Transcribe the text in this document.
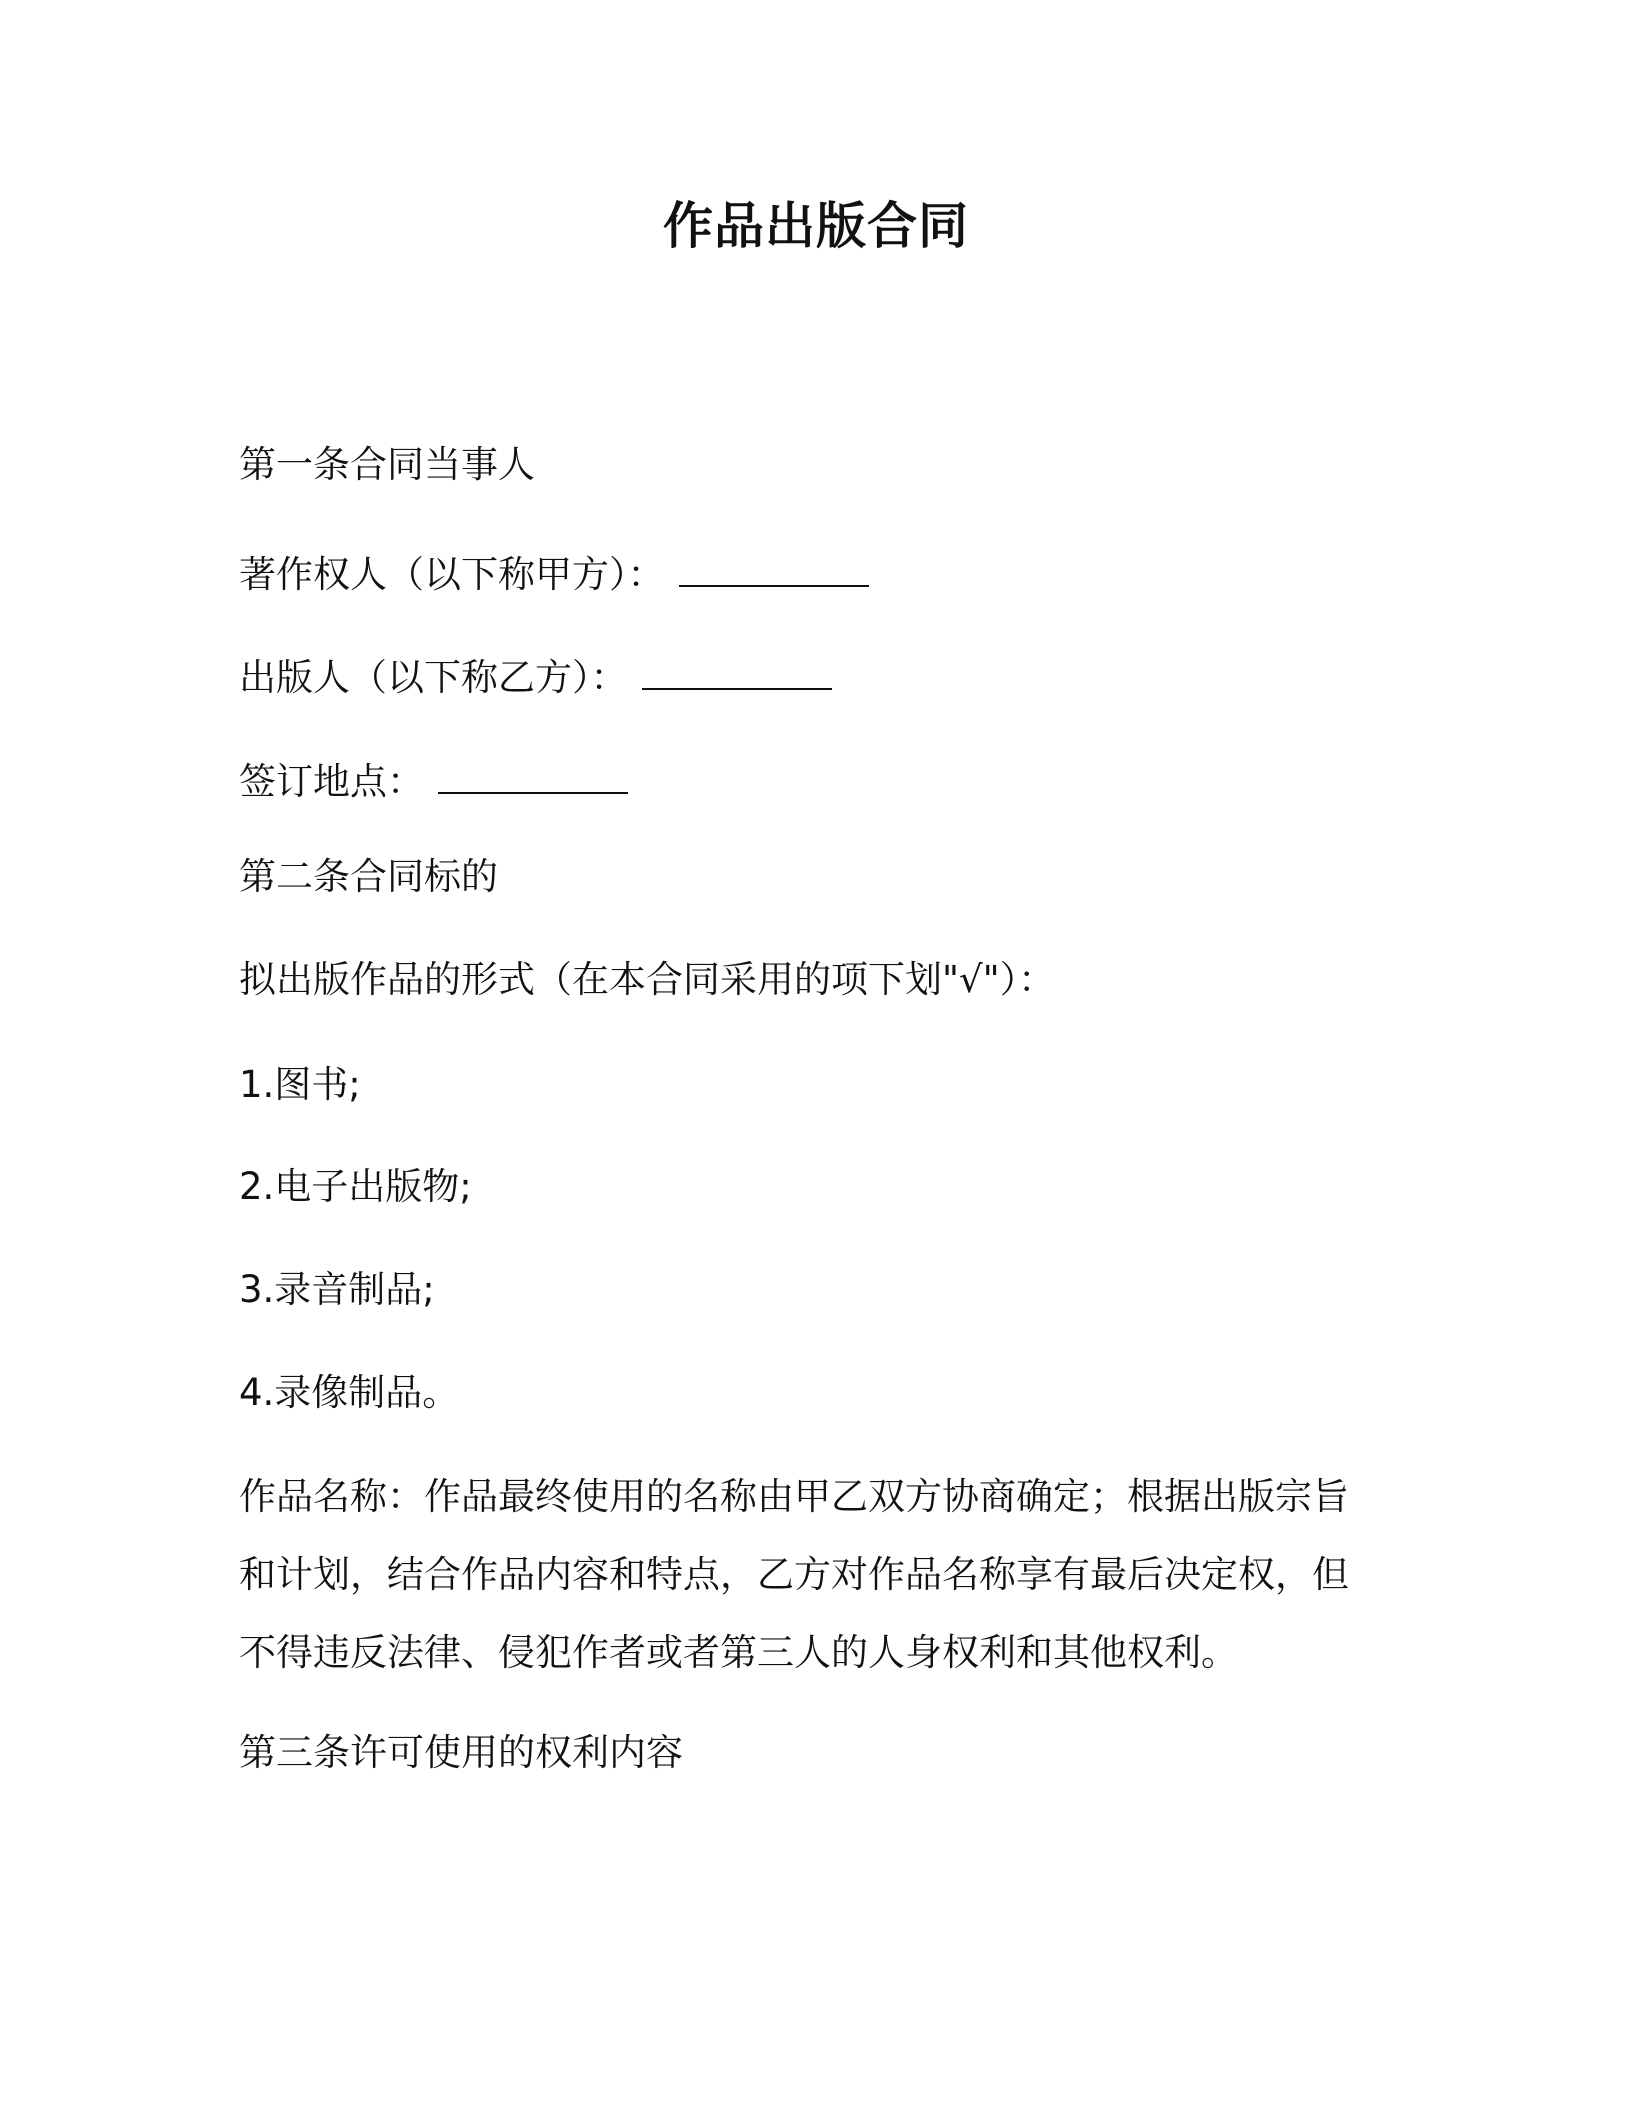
作品出版合同

第一条合同当事人

著作权人（以下称甲方）：

出版人（以下称乙方）：

签订地点：

第二条合同标的

拟出版作品的形式（在本合同采用的项下划"√"）：

1.图书;

2.电子出版物;

3.录音制品;

4.录像制品。

作品名称：作品最终使用的名称由甲乙双方协商确定；根据出版宗旨
和计划，结合作品内容和特点，乙方对作品名称享有最后决定权，但
不得违反法律、侵犯作者或者第三人的人身权利和其他权利。

第三条许可使用的权利内容
